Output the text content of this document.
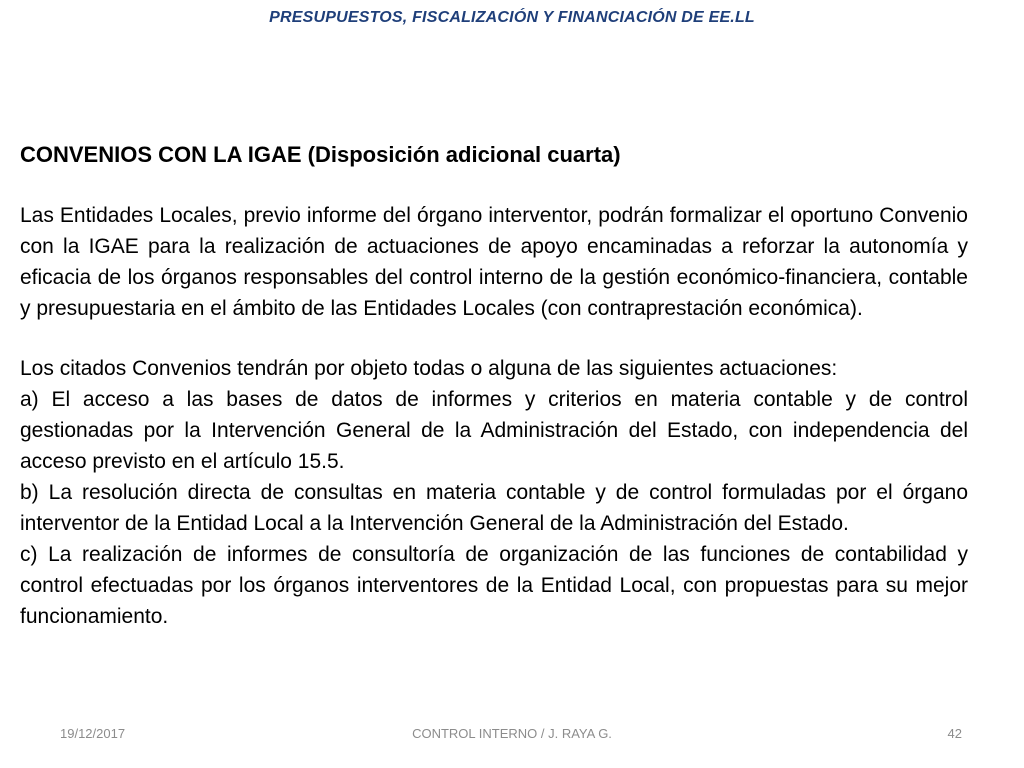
PRESUPUESTOS, FISCALIZACIÓN Y FINANCIACIÓN DE EE.LL
CONVENIOS CON LA IGAE (Disposición adicional cuarta)

Las Entidades Locales, previo informe del órgano interventor, podrán formalizar el oportuno Convenio con la IGAE para la realización de actuaciones de apoyo encaminadas a reforzar la autonomía y eficacia de los órganos responsables del control interno de la gestión económico-financiera, contable y presupuestaria en el ámbito de las Entidades Locales (con contraprestación económica).

Los citados Convenios tendrán por objeto todas o alguna de las siguientes actuaciones:

a) El acceso a las bases de datos de informes y criterios en materia contable y de control gestionadas por la Intervención General de la Administración del Estado, con independencia del acceso previsto en el artículo 15.5.

b) La resolución directa de consultas en materia contable y de control formuladas por el órgano interventor de la Entidad Local a la Intervención General de la Administración del Estado.

c) La realización de informes de consultoría de organización de las funciones de contabilidad y control efectuadas por los órganos interventores de la Entidad Local, con propuestas para su mejor funcionamiento.

19/12/2017	CONTROL INTERNO / J. RAYA G.	42
